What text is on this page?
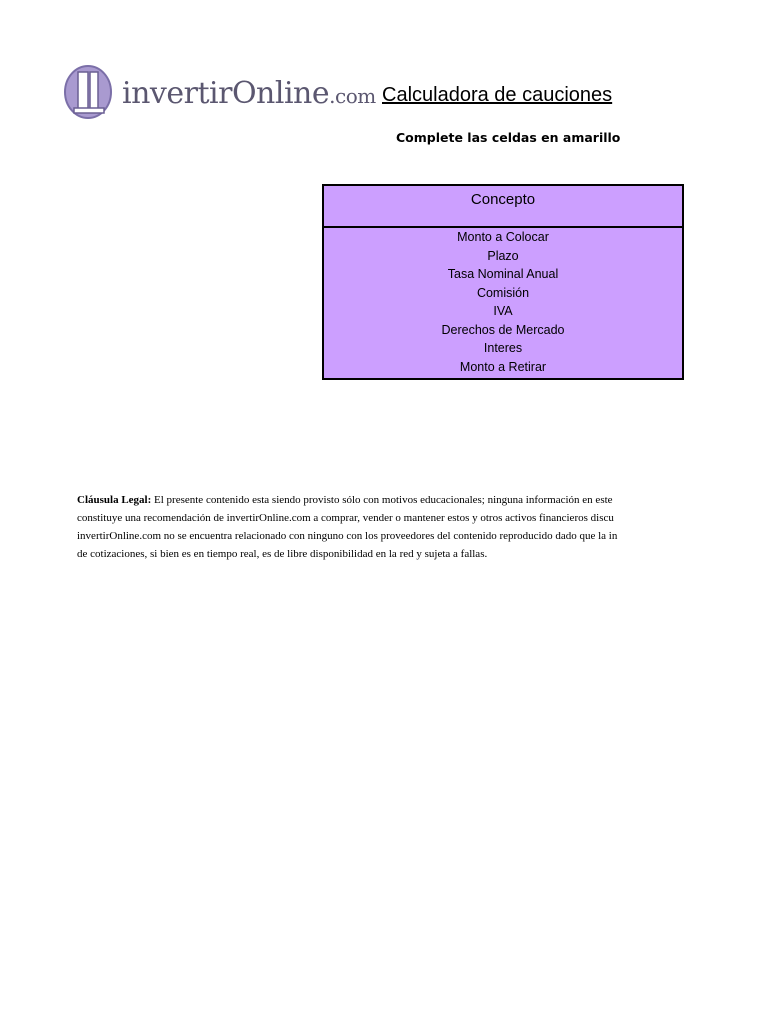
invertirOnline.com Calculadora de cauciones
Complete las celdas en amarillo
Concepto
Monto a Colocar
Plazo
Tasa Nominal Anual
Comisión
IVA
Derechos de Mercado
Interes
Monto a Retirar
Cláusula Legal: El presente contenido esta siendo provisto sólo con motivos educacionales; ninguna información en este
constituye una recomendación de invertirOnline.com a comprar, vender o mantener estos y otros activos financieros discu
invertirOnline.com no se encuentra relacionado con ninguno con los proveedores del contenido reproducido dado que la in
de cotizaciones, si bien es en tiempo real, es de libre disponibilidad en la red y sujeta a fallas.
